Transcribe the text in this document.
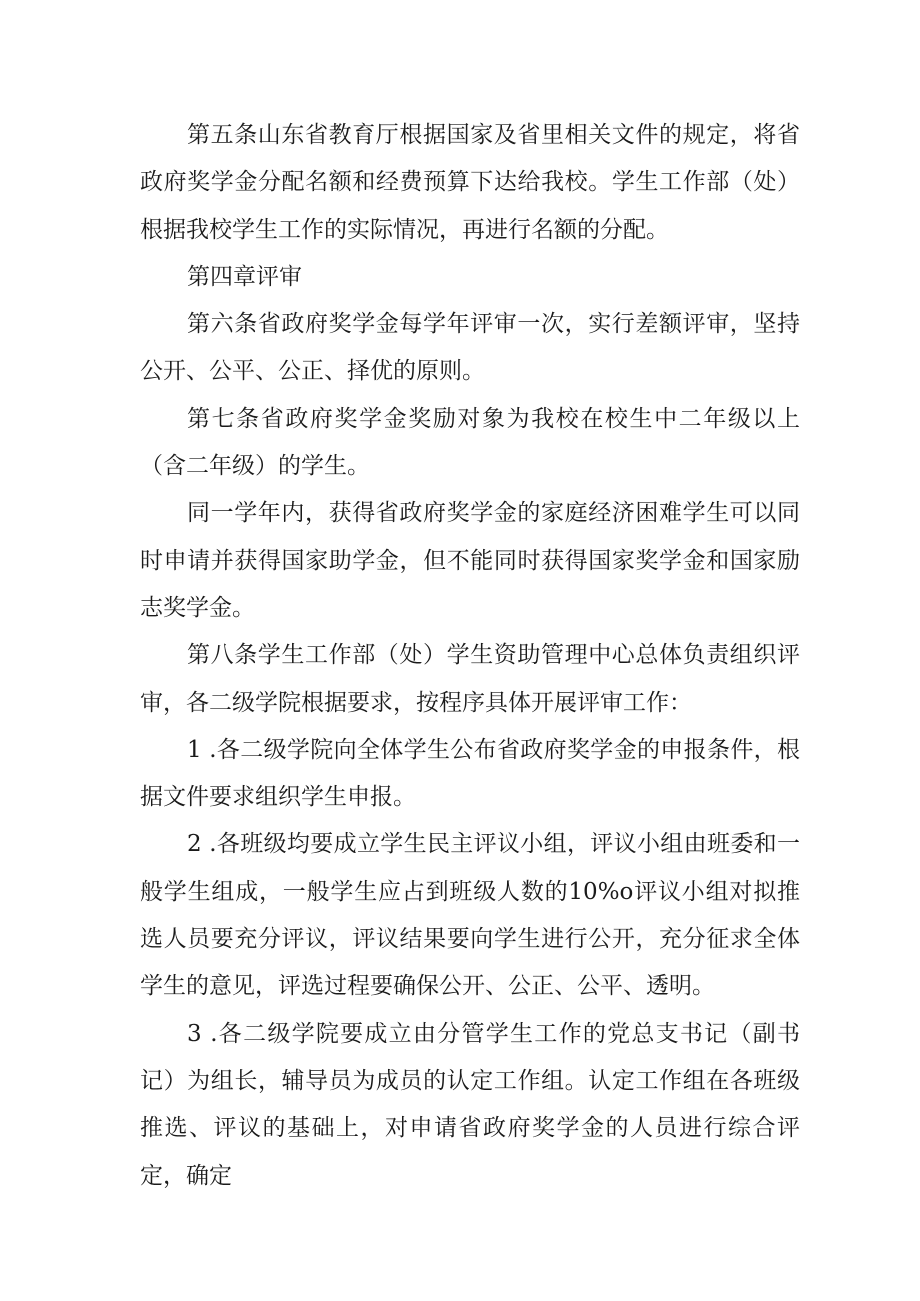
第五条山东省教育厅根据国家及省里相关文件的规定，将省政府奖学金分配名额和经费预算下达给我校。学生工作部（处）根据我校学生工作的实际情况，再进行名额的分配。

第四章评审

第六条省政府奖学金每学年评审一次，实行差额评审，坚持公开、公平、公正、择优的原则。

第七条省政府奖学金奖励对象为我校在校生中二年级以上（含二年级）的学生。

同一学年内，获得省政府奖学金的家庭经济困难学生可以同时申请并获得国家助学金，但不能同时获得国家奖学金和国家励志奖学金。

第八条学生工作部（处）学生资助管理中心总体负责组织评审，各二级学院根据要求，按程序具体开展评审工作：

1 .各二级学院向全体学生公布省政府奖学金的申报条件，根据文件要求组织学生申报。

2 .各班级均要成立学生民主评议小组，评议小组由班委和一般学生组成，一般学生应占到班级人数的10%o评议小组对拟推选人员要充分评议，评议结果要向学生进行公开，充分征求全体学生的意见，评选过程要确保公开、公正、公平、透明。

3 .各二级学院要成立由分管学生工作的党总支书记（副书记）为组长，辅导员为成员的认定工作组。认定工作组在各班级推选、评议的基础上，对申请省政府奖学金的人员进行综合评定，确定
